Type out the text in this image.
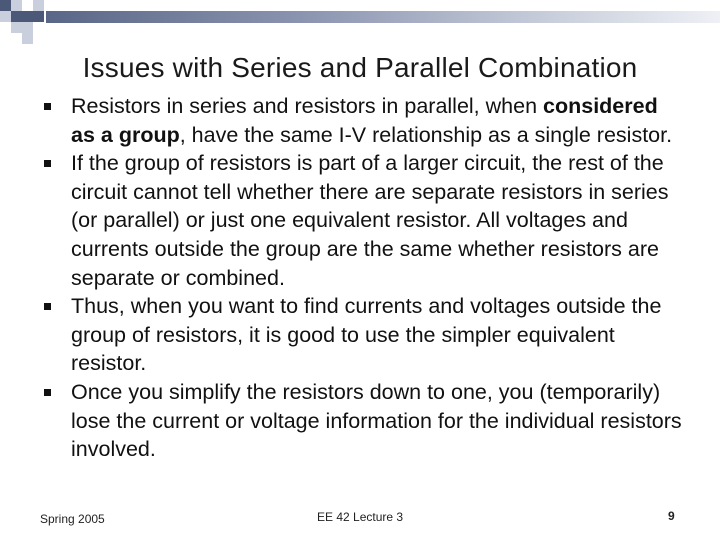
Issues with Series and Parallel Combination
Resistors in series and resistors in parallel, when considered as a group, have the same I-V relationship as a single resistor.
If the group of resistors is part of a larger circuit, the rest of the circuit cannot tell whether there are separate resistors in series (or parallel) or just one equivalent resistor. All voltages and currents outside the group are the same whether resistors are separate or combined.
Thus, when you want to find currents and voltages outside the group of resistors, it is good to use the simpler equivalent resistor.
Once you simplify the resistors down to one, you (temporarily) lose the current or voltage information for the individual resistors involved.
Spring 2005	EE 42 Lecture 3	9
